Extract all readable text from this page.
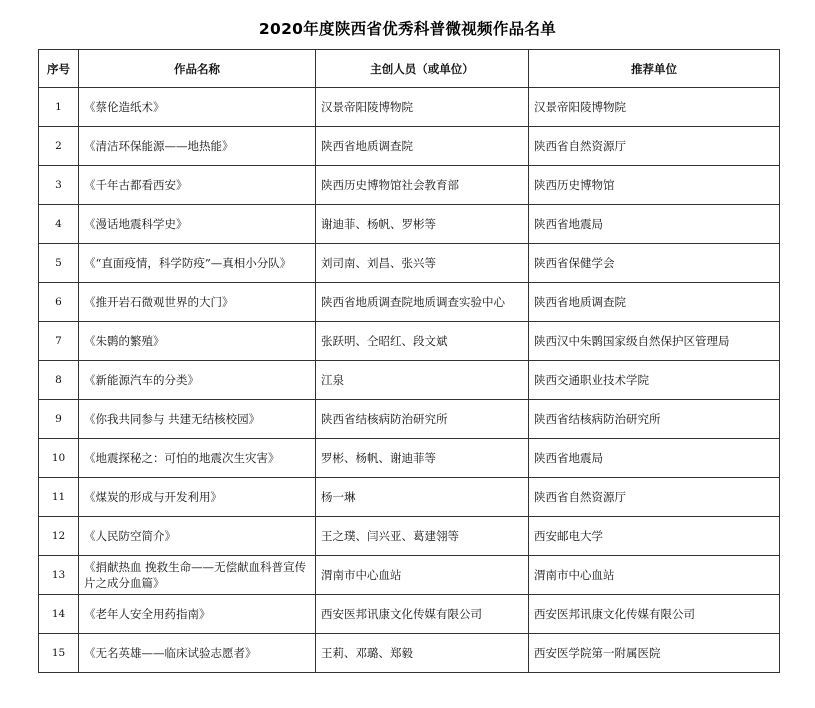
2020年度陕西省优秀科普微视频作品名单
序号	作品名称	主创人员（或单位）	推荐单位
1	《蔡伦造纸术》	汉景帝阳陵博物院	汉景帝阳陵博物院
2	《清洁环保能源——地热能》	陕西省地质调查院	陕西省自然资源厅
3	《千年古都看西安》	陕西历史博物馆社会教育部	陕西历史博物馆
4	《漫话地震科学史》	谢迪菲、杨帆、罗彬等	陕西省地震局
5	《“直面疫情，科学防疫”—真相小分队》	刘司南、刘昌、张兴等	陕西省保健学会
6	《推开岩石微观世界的大门》	陕西省地质调查院地质调查实验中心	陕西省地质调查院
7	《朱鹮的繁殖》	张跃明、仝昭红、段文斌	陕西汉中朱鹮国家级自然保护区管理局
8	《新能源汽车的分类》	江泉	陕西交通职业技术学院
9	《你我共同参与 共建无结核校园》	陕西省结核病防治研究所	陕西省结核病防治研究所
10	《地震探秘之：可怕的地震次生灾害》	罗彬、杨帆、谢迪菲等	陕西省地震局
11	《煤炭的形成与开发利用》	杨一琳	陕西省自然资源厅
12	《人民防空简介》	王之璞、闫兴亚、葛建翎等	西安邮电大学
13	《捐献热血 挽救生命——无偿献血科普宣传片之成分血篇》	渭南市中心血站	渭南市中心血站
14	《老年人安全用药指南》	西安医邦讯康文化传媒有限公司	西安医邦讯康文化传媒有限公司
15	《无名英雄——临床试验志愿者》	王莉、邓璐、郑毅	西安医学院第一附属医院
